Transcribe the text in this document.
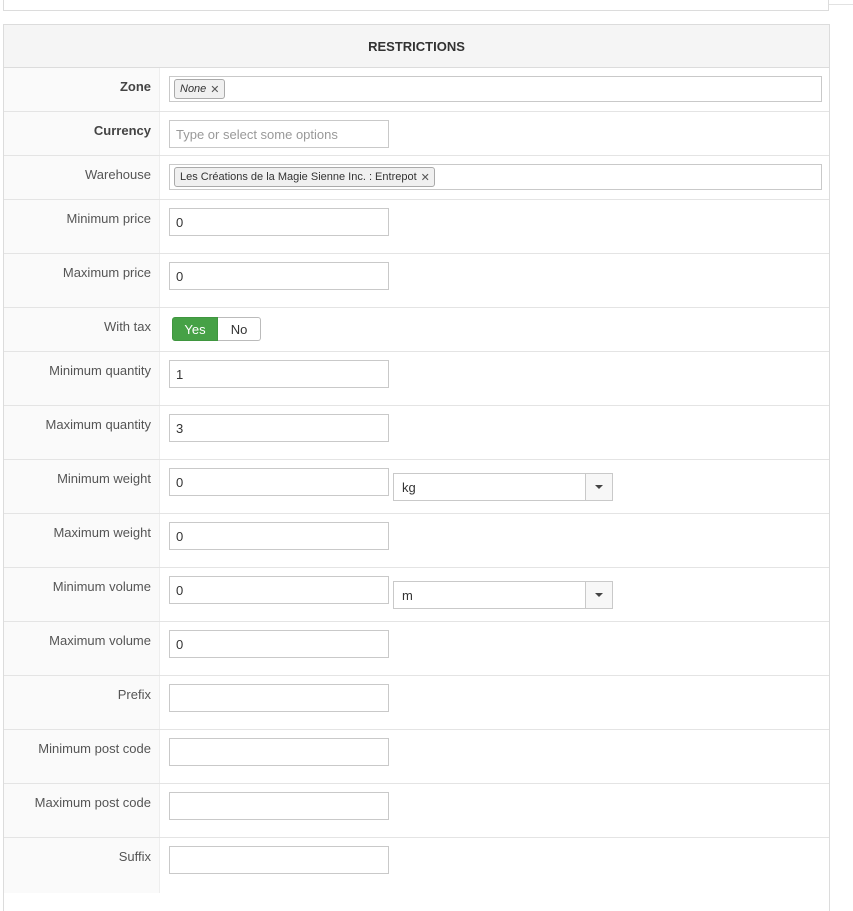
RESTRICTIONS
Zone	None ✕
Currency	Type or select some options
Warehouse	Les Créations de la Magie Sienne Inc. : Entrepot ✕
Minimum price	0
Maximum price	0
With tax	Yes	No
Minimum quantity	1
Maximum quantity	3
Minimum weight	0	kg
Maximum weight	0
Minimum volume	0	m
Maximum volume	0
Prefix
Minimum post code
Maximum post code
Suffix
